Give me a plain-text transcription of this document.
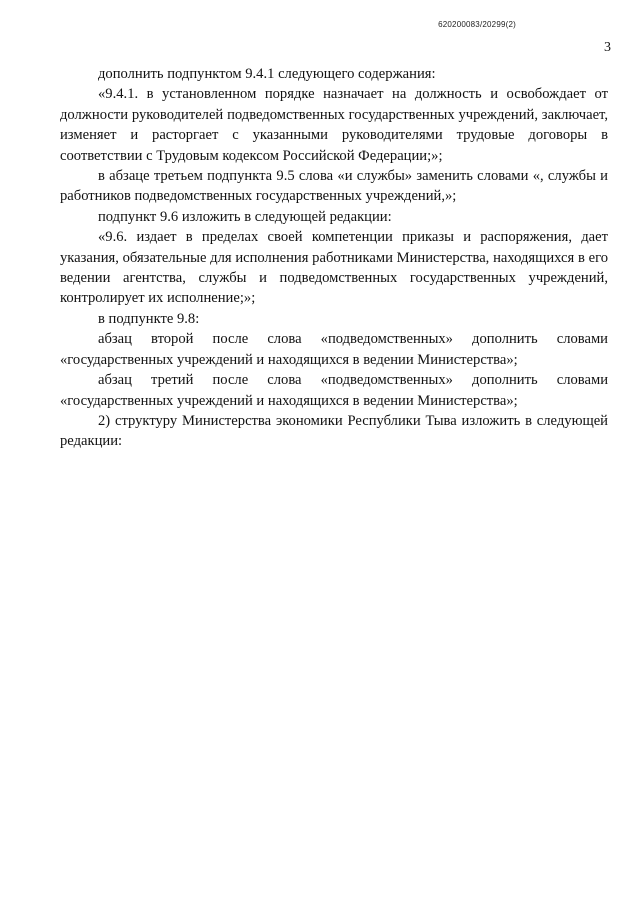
620200083/20299(2)
3

дополнить подпунктом 9.4.1 следующего содержания:

«9.4.1. в установленном порядке назначает на должность и освобождает от должности руководителей подведомственных государственных учреждений, заключает, изменяет и расторгает с указанными руководителями трудовые договоры в соответствии с Трудовым кодексом Российской Федерации;»;

в абзаце третьем подпункта 9.5 слова «и службы» заменить словами «, службы и работников подведомственных государственных учреждений,»;

подпункт 9.6 изложить в следующей редакции:

«9.6. издает в пределах своей компетенции приказы и распоряжения, дает указания, обязательные для исполнения работниками Министерства, находящихся в его ведении агентства, службы и подведомственных государственных учреждений, контролирует их исполнение;»;

в подпункте 9.8:

абзац второй после слова «подведомственных» дополнить словами «государственных учреждений и находящихся в ведении Министерства»;

абзац третий после слова «подведомственных» дополнить словами «государственных учреждений и находящихся в ведении Министерства»;

2) структуру Министерства экономики Республики Тыва изложить в следующей редакции:
